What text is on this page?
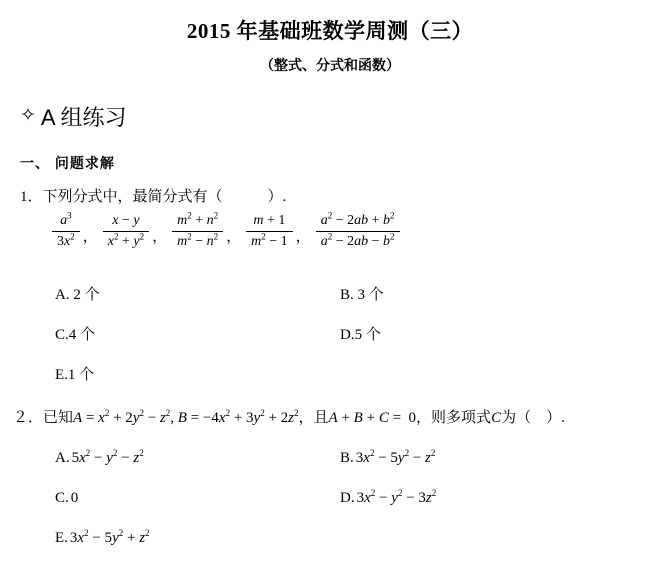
2015 年基础班数学周测（三）
（整式、分式和函数）
✧ A 组练习
一、 问题求解
1．下列分式中，最简分式有（　　　）.
$\frac{a^3}{3x^2}$ ， $\frac{x - y}{x^2 + y^2}$ ， $\frac{m^2 + n^2}{m^2 - n^2}$ ， $\frac{m + 1}{m^2 - 1}$ ， $\frac{a^2 - 2ab + b^2}{a^2 - 2ab - b^2}$
A. 2 个	B. 3 个
C.4 个	D.5 个
E.1 个
２．已知$A = x^2 + 2y^2 - z^2$, $B = -4x^2 + 3y^2 + 2z^2$，且A + B + C =  0，则多项式C为（　）.
A. $5x^2 - y^2 - z^2$	B. $3x^2 - 5y^2 - z^2$
C. 0	D. $3x^2 - y^2 - 3z^2$
E. $3x^2 - 5y^2 + z^2$
